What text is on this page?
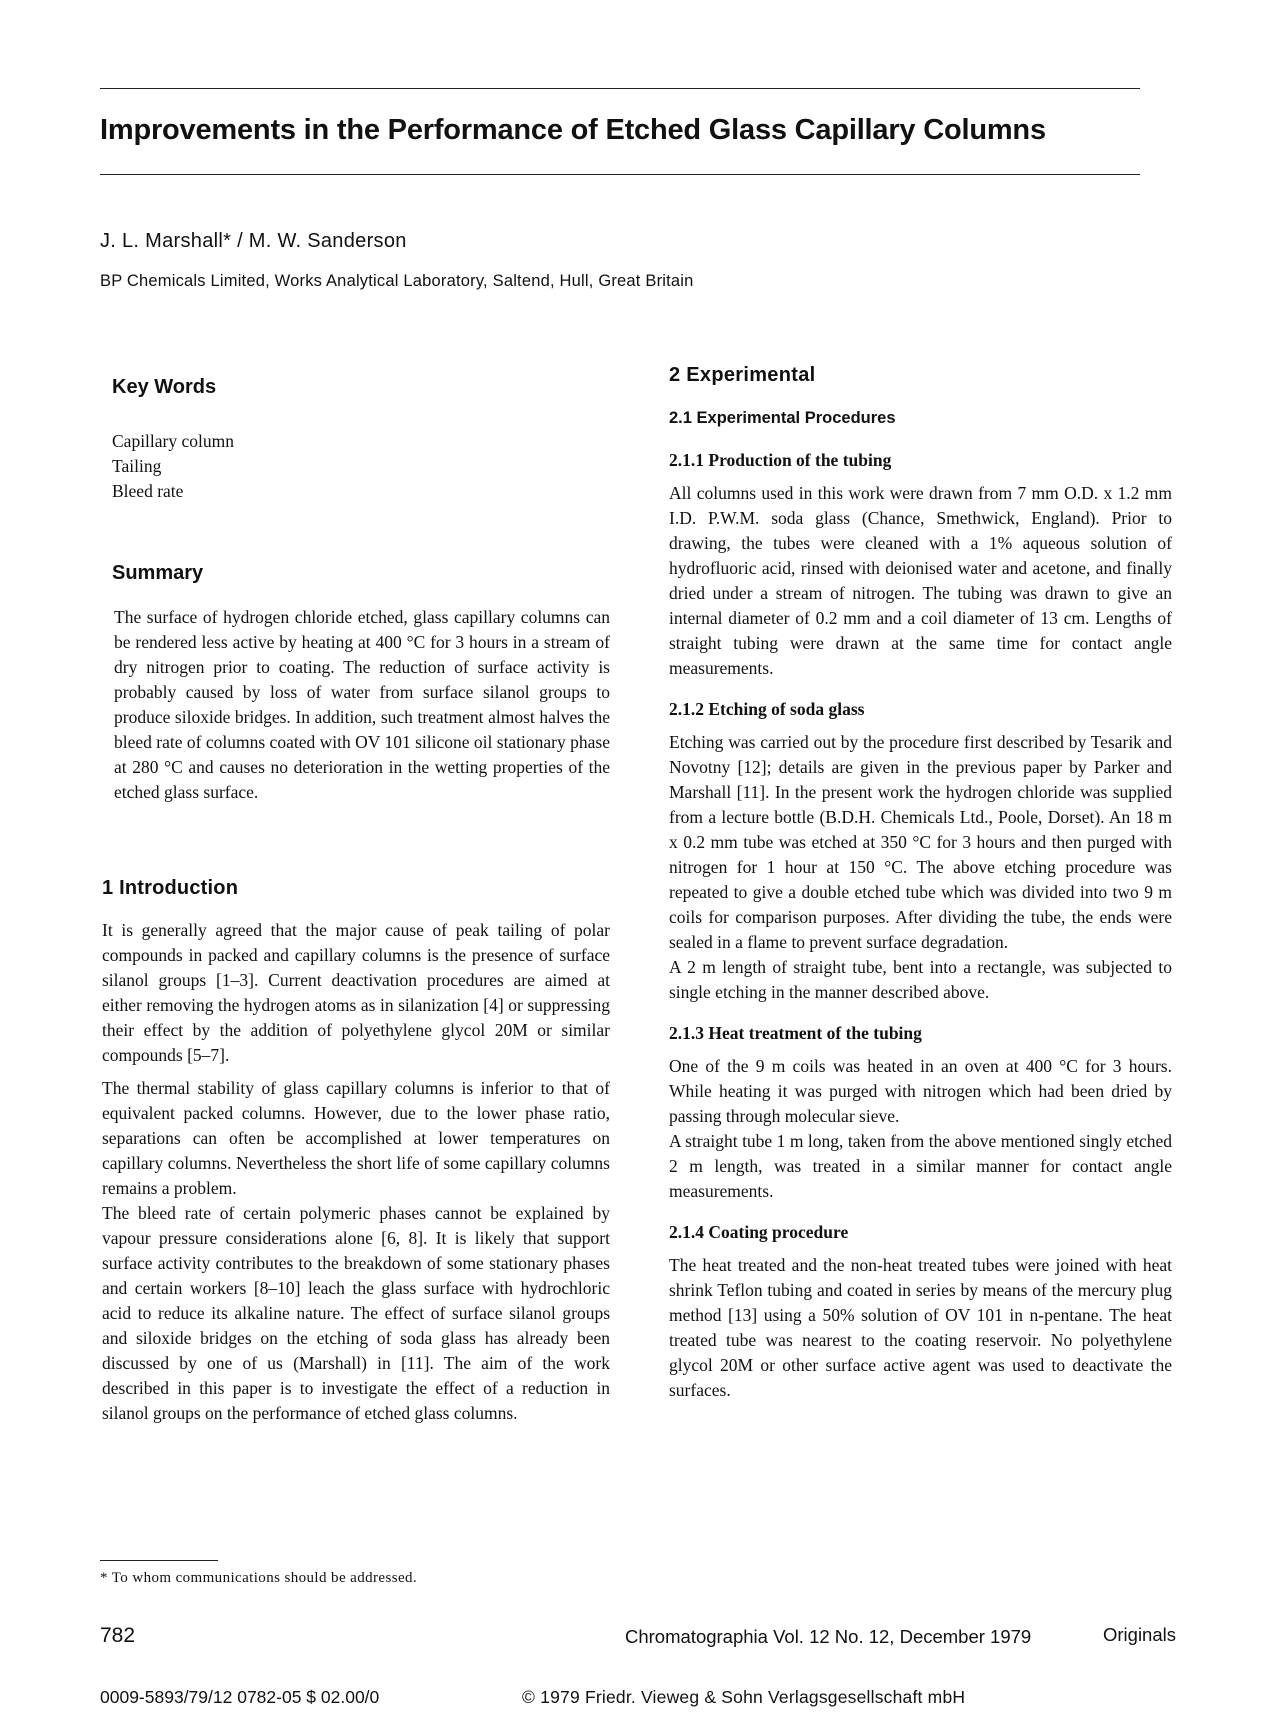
Improvements in the Performance of Etched Glass Capillary Columns

J. L. Marshall* / M. W. Sanderson

BP Chemicals Limited, Works Analytical Laboratory, Saltend, Hull, Great Britain

Key Words
Capillary column
Tailing
Bleed rate
Summary

The surface of hydrogen chloride etched, glass capillary columns can be rendered less active by heating at 400 °C for 3 hours in a stream of dry nitrogen prior to coating. The reduction of surface activity is probably caused by loss of water from surface silanol groups to produce siloxide bridges. In addition, such treatment almost halves the bleed rate of columns coated with OV 101 silicone oil stationary phase at 280 °C and causes no deterioration in the wetting properties of the etched glass surface.

1 Introduction

It is generally agreed that the major cause of peak tailing of polar compounds in packed and capillary columns is the presence of surface silanol groups [1–3]. Current deactivation procedures are aimed at either removing the hydrogen atoms as in silanization [4] or suppressing their effect by the addition of polyethylene glycol 20M or similar compounds [5–7].

The thermal stability of glass capillary columns is inferior to that of equivalent packed columns. However, due to the lower phase ratio, separations can often be accomplished at lower temperatures on capillary columns. Nevertheless the short life of some capillary columns remains a problem.

The bleed rate of certain polymeric phases cannot be explained by vapour pressure considerations alone [6, 8]. It is likely that support surface activity contributes to the breakdown of some stationary phases and certain workers [8–10] leach the glass surface with hydrochloric acid to reduce its alkaline nature. The effect of surface silanol groups and siloxide bridges on the etching of soda glass has already been discussed by one of us (Marshall) in [11]. The aim of the work described in this paper is to investigate the effect of a reduction in silanol groups on the performance of etched glass columns.

2 Experimental
2.1 Experimental Procedures
2.1.1 Production of the tubing

All columns used in this work were drawn from 7 mm O.D. x 1.2 mm I.D. P.W.M. soda glass (Chance, Smethwick, England). Prior to drawing, the tubes were cleaned with a 1% aqueous solution of hydrofluoric acid, rinsed with deionised water and acetone, and finally dried under a stream of nitrogen. The tubing was drawn to give an internal diameter of 0.2 mm and a coil diameter of 13 cm. Lengths of straight tubing were drawn at the same time for contact angle measurements.

2.1.2 Etching of soda glass

Etching was carried out by the procedure first described by Tesarik and Novotny [12]; details are given in the previous paper by Parker and Marshall [11]. In the present work the hydrogen chloride was supplied from a lecture bottle (B.D.H. Chemicals Ltd., Poole, Dorset). An 18 m x 0.2 mm tube was etched at 350 °C for 3 hours and then purged with nitrogen for 1 hour at 150 °C. The above etching procedure was repeated to give a double etched tube which was divided into two 9 m coils for comparison purposes. After dividing the tube, the ends were sealed in a flame to prevent surface degradation.

A 2 m length of straight tube, bent into a rectangle, was subjected to single etching in the manner described above.

2.1.3 Heat treatment of the tubing

One of the 9 m coils was heated in an oven at 400 °C for 3 hours. While heating it was purged with nitrogen which had been dried by passing through molecular sieve.

A straight tube 1 m long, taken from the above mentioned singly etched 2 m length, was treated in a similar manner for contact angle measurements.

2.1.4 Coating procedure

The heat treated and the non-heat treated tubes were joined with heat shrink Teflon tubing and coated in series by means of the mercury plug method [13] using a 50% solution of OV 101 in n-pentane. The heat treated tube was nearest to the coating reservoir. No polyethylene glycol 20M or other surface active agent was used to deactivate the surfaces.

* To whom communications should be addressed.

782	Chromatographia Vol. 12 No. 12, December 1979	Originals

0009-5893/79/12 0782-05 $ 02.00/0	© 1979 Friedr. Vieweg & Sohn Verlagsgesellschaft mbH
